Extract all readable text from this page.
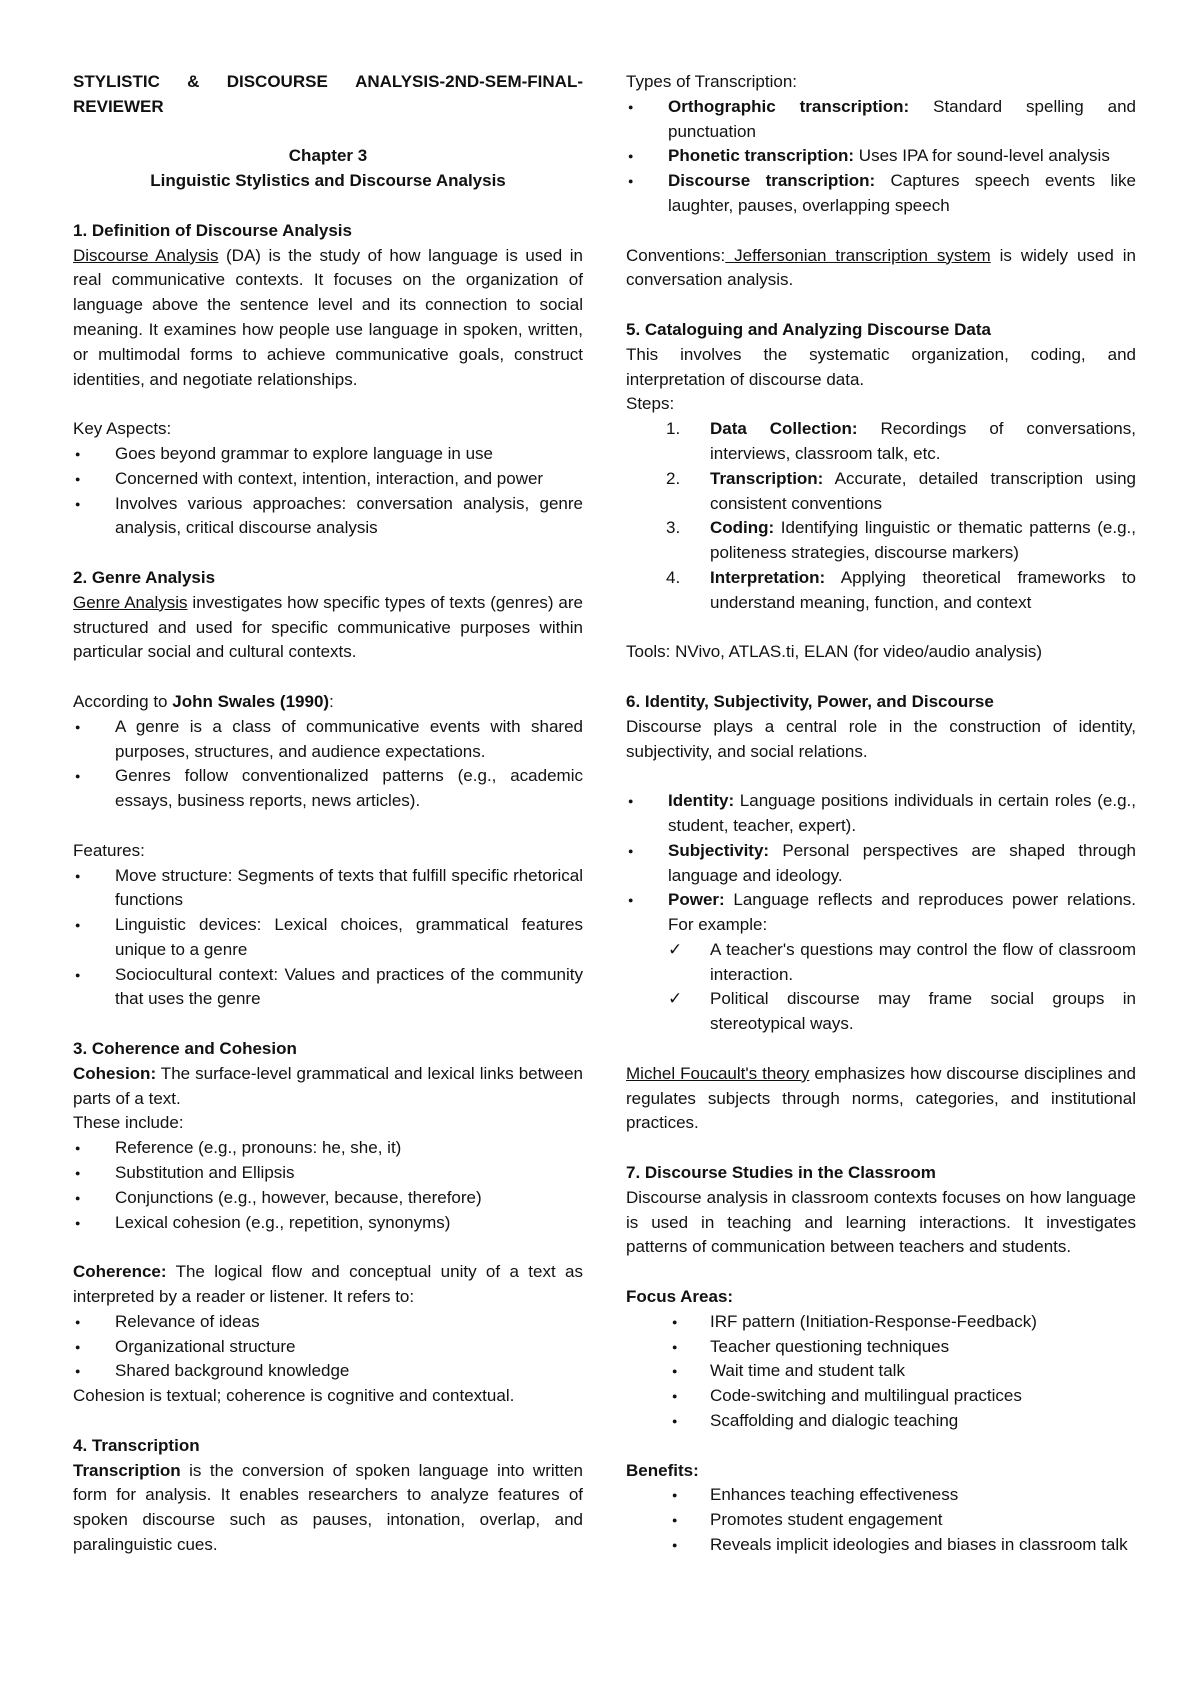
STYLISTIC & DISCOURSE ANALYSIS-2ND-SEM-FINAL-

REVIEWER

Chapter 3

Linguistic Stylistics and Discourse Analysis

1. Definition of Discourse Analysis

Discourse Analysis (DA) is the study of how language is used in real communicative contexts. It focuses on the organization of language above the sentence level and its connection to social meaning. It examines how people use language in spoken, written, or multimodal forms to achieve communicative goals, construct identities, and negotiate relationships.

Key Aspects:

● Goes beyond grammar to explore language in use
● Concerned with context, intention, interaction, and power
● Involves various approaches: conversation analysis, genre analysis, critical discourse analysis

2. Genre Analysis

Genre Analysis investigates how specific types of texts (genres) are structured and used for specific communicative purposes within particular social and cultural contexts.

According to John Swales (1990):

● A genre is a class of communicative events with shared purposes, structures, and audience expectations.
● Genres follow conventionalized patterns (e.g., academic essays, business reports, news articles).

Features:

● Move structure: Segments of texts that fulfill specific rhetorical functions
● Linguistic devices: Lexical choices, grammatical features unique to a genre
● Sociocultural context: Values and practices of the community that uses the genre

3. Coherence and Cohesion

Cohesion: The surface-level grammatical and lexical links between parts of a text.

These include:

● Reference (e.g., pronouns: he, she, it)
● Substitution and Ellipsis
● Conjunctions (e.g., however, because, therefore)
● Lexical cohesion (e.g., repetition, synonyms)

Coherence: The logical flow and conceptual unity of a text as interpreted by a reader or listener. It refers to:

● Relevance of ideas
● Organizational structure
● Shared background knowledge

Cohesion is textual; coherence is cognitive and contextual.

4. Transcription

Transcription is the conversion of spoken language into written form for analysis. It enables researchers to analyze features of spoken discourse such as pauses, intonation, overlap, and paralinguistic cues.

Types of Transcription:

● Orthographic transcription: Standard spelling and punctuation
● Phonetic transcription: Uses IPA for sound-level analysis
● Discourse transcription: Captures speech events like laughter, pauses, overlapping speech

Conventions: Jeffersonian transcription system is widely used in conversation analysis.

5. Cataloguing and Analyzing Discourse Data

This involves the systematic organization, coding, and interpretation of discourse data.

Steps:

1. Data Collection: Recordings of conversations, interviews, classroom talk, etc.
2. Transcription: Accurate, detailed transcription using consistent conventions
3. Coding: Identifying linguistic or thematic patterns (e.g., politeness strategies, discourse markers)
4. Interpretation: Applying theoretical frameworks to understand meaning, function, and context

Tools: NVivo, ATLAS.ti, ELAN (for video/audio analysis)

6. Identity, Subjectivity, Power, and Discourse

Discourse plays a central role in the construction of identity, subjectivity, and social relations.

● Identity: Language positions individuals in certain roles (e.g., student, teacher, expert).
● Subjectivity: Personal perspectives are shaped through language and ideology.
● Power: Language reflects and reproduces power relations. For example:
✓ A teacher's questions may control the flow of classroom interaction.
✓ Political discourse may frame social groups in stereotypical ways.

Michel Foucault's theory emphasizes how discourse disciplines and regulates subjects through norms, categories, and institutional practices.

7. Discourse Studies in the Classroom

Discourse analysis in classroom contexts focuses on how language is used in teaching and learning interactions. It investigates patterns of communication between teachers and students.

Focus Areas:

● IRF pattern (Initiation-Response-Feedback)
● Teacher questioning techniques
● Wait time and student talk
● Code-switching and multilingual practices
● Scaffolding and dialogic teaching

Benefits:

● Enhances teaching effectiveness
● Promotes student engagement
● Reveals implicit ideologies and biases in classroom talk
